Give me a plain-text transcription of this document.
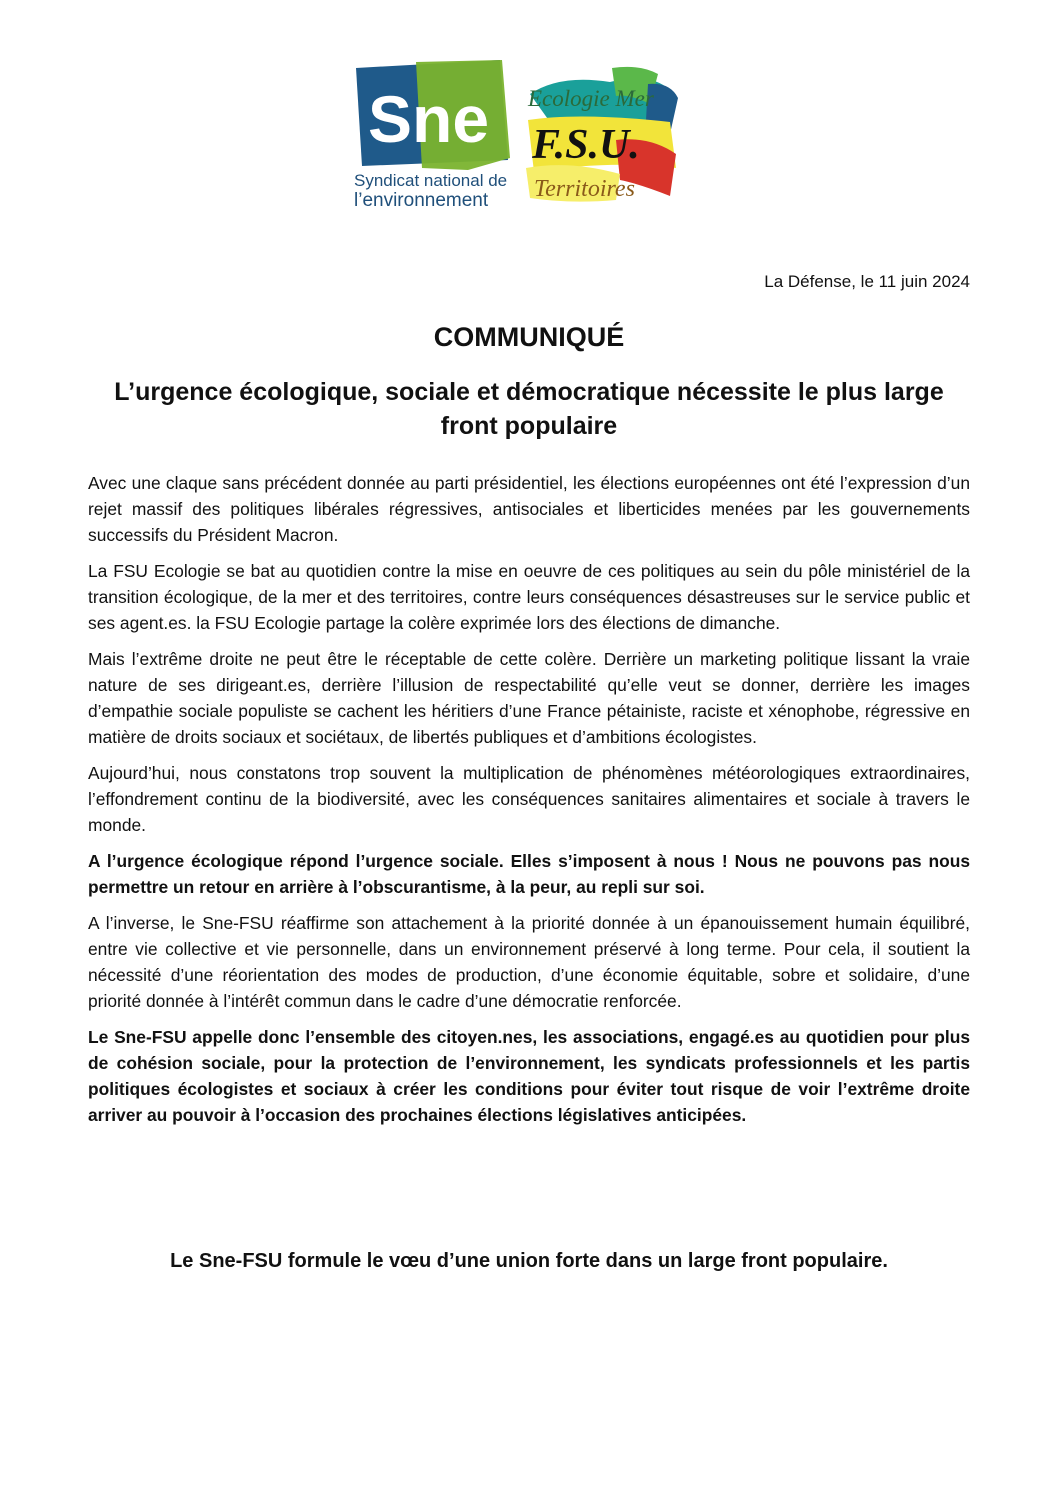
Sne
Syndicat national de
l’environnement
Ecologie Mer
F.S.U.
Territoires
La Défense, le 11 juin 2024
COMMUNIQUÉ
L’urgence écologique, sociale et démocratique nécessite le plus large front populaire

Avec une claque sans précédent donnée au parti présidentiel, les élections européennes ont été l’expression d’un rejet massif des politiques libérales régressives, antisociales et liberticides menées par les gouvernements successifs du Président Macron.

La FSU Ecologie se bat au quotidien contre la mise en oeuvre de ces politiques au sein du pôle ministériel de la transition écologique, de la mer et des territoires, contre leurs conséquences désastreuses sur le service public et ses agent.es. la FSU Ecologie partage la colère exprimée lors des élections de dimanche.

Mais l’extrême droite ne peut être le réceptable de cette colère. Derrière un marketing politique lissant la vraie nature de ses dirigeant.es, derrière l’illusion de respectabilité qu’elle veut se donner, derrière les images d’empathie sociale populiste se cachent les héritiers d’une France pétainiste, raciste et xénophobe, régressive en matière de droits sociaux et sociétaux, de libertés publiques et d’ambitions écologistes.

Aujourd’hui, nous constatons trop souvent la multiplication de phénomènes météorologiques extraordinaires, l’effondrement continu de la biodiversité, avec les conséquences sanitaires alimentaires et sociale à travers le monde.

A l’urgence écologique répond l’urgence sociale. Elles s’imposent à nous ! Nous ne pouvons pas nous permettre un retour en arrière à l’obscurantisme, à la peur, au repli sur soi.

A l’inverse, le Sne-FSU réaffirme son attachement à la priorité donnée à un épanouissement humain équilibré, entre vie collective et vie personnelle, dans un environnement préservé à long terme. Pour cela, il soutient la nécessité d’une réorientation des modes de production, d’une économie équitable, sobre et solidaire, d’une priorité donnée à l’intérêt commun dans le cadre d’une démocratie renforcée.

Le Sne-FSU appelle donc l’ensemble des citoyen.nes, les associations, engagé.es au quotidien pour plus de cohésion sociale, pour la protection de l’environnement, les syndicats professionnels et les partis politiques écologistes et sociaux à créer les conditions pour éviter tout risque de voir l’extrême droite arriver au pouvoir à l’occasion des prochaines élections législatives anticipées.

Le Sne-FSU formule le vœu d’une union forte dans un large front populaire.
